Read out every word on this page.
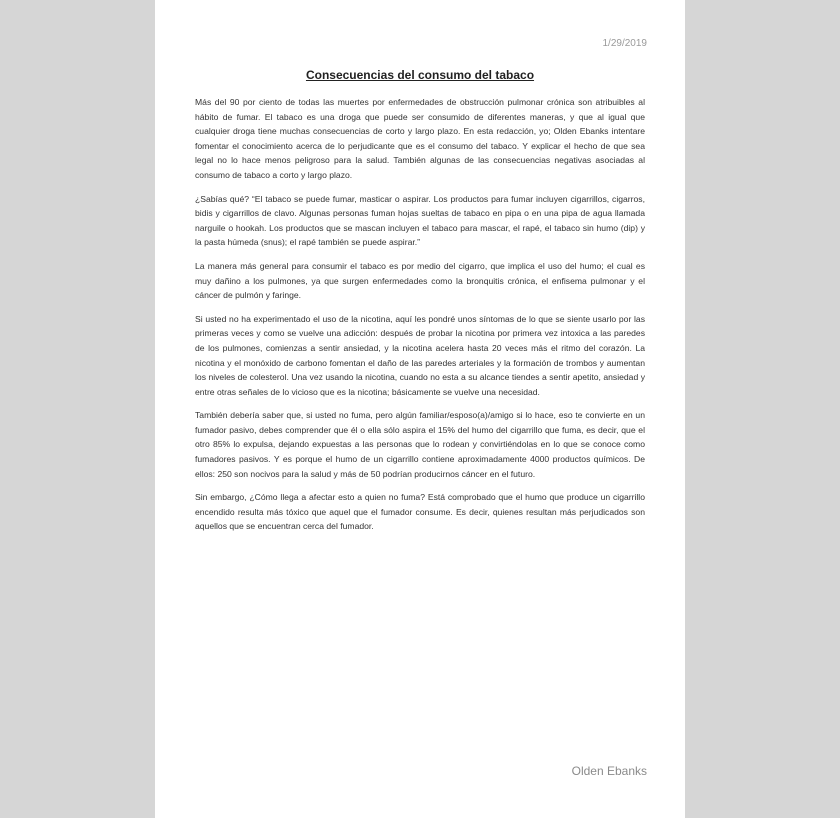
1/29/2019
Consecuencias del consumo del tabaco

Más del 90 por ciento de todas las muertes por enfermedades de obstrucción pulmonar crónica son atribuibles al hábito de fumar. El tabaco es una droga que puede ser consumido de diferentes maneras, y que al igual que cualquier droga tiene muchas consecuencias de corto y largo plazo. En esta redacción, yo; Olden Ebanks intentare fomentar el conocimiento acerca de lo perjudicante que es el consumo del tabaco. Y explicar el hecho de que sea legal no lo hace menos peligroso para la salud. También algunas de las consecuencias negativas asociadas al consumo de tabaco a corto y largo plazo.

¿Sabías qué? “El tabaco se puede fumar, masticar o aspirar. Los productos para fumar incluyen cigarrillos, cigarros, bidis y cigarrillos de clavo. Algunas personas fuman hojas sueltas de tabaco en pipa o en una pipa de agua llamada narguile o hookah. Los productos que se mascan incluyen el tabaco para mascar, el rapé, el tabaco sin humo (dip) y la pasta húmeda (snus); el rapé también se puede aspirar.”

La manera más general para consumir el tabaco es por medio del cigarro, que implica el uso del humo; el cual es muy dañino a los pulmones, ya que surgen enfermedades como la bronquitis crónica, el enfisema pulmonar y el cáncer de pulmón y faringe.

Si usted no ha experimentado el uso de la nicotina, aquí les pondré unos síntomas de lo que se siente usarlo por las primeras veces y como se vuelve una adicción: después de probar la nicotina por primera vez intoxica a las paredes de los pulmones, comienzas a sentir ansiedad, y la nicotina acelera hasta 20 veces más el ritmo del corazón. La nicotina y el monóxido de carbono fomentan el daño de las paredes arteriales y la formación de trombos y aumentan los niveles de colesterol. Una vez usando la nicotina, cuando no esta a su alcance tiendes a sentir apetito, ansiedad y entre otras señales de lo vicioso que es la nicotina; básicamente se vuelve una necesidad.

También debería saber que, si usted no fuma, pero algún familiar/esposo(a)/amigo si lo hace, eso te convierte en un fumador pasivo, debes comprender que él o ella sólo aspira el 15% del humo del cigarrillo que fuma, es decir, que el otro 85% lo expulsa, dejando expuestas a las personas que lo rodean y convirtiéndolas en lo que se conoce como fumadores pasivos. Y es porque el humo de un cigarrillo contiene aproximadamente 4000 productos químicos. De ellos: 250 son nocivos para la salud y más de 50 podrían producirnos cáncer en el futuro.

Sin embargo, ¿Cómo llega a afectar esto a quien no fuma? Está comprobado que el humo que produce un cigarrillo encendido resulta más tóxico que aquel que el fumador consume. Es decir, quienes resultan más perjudicados son aquellos que se encuentran cerca del fumador.

Olden Ebanks
